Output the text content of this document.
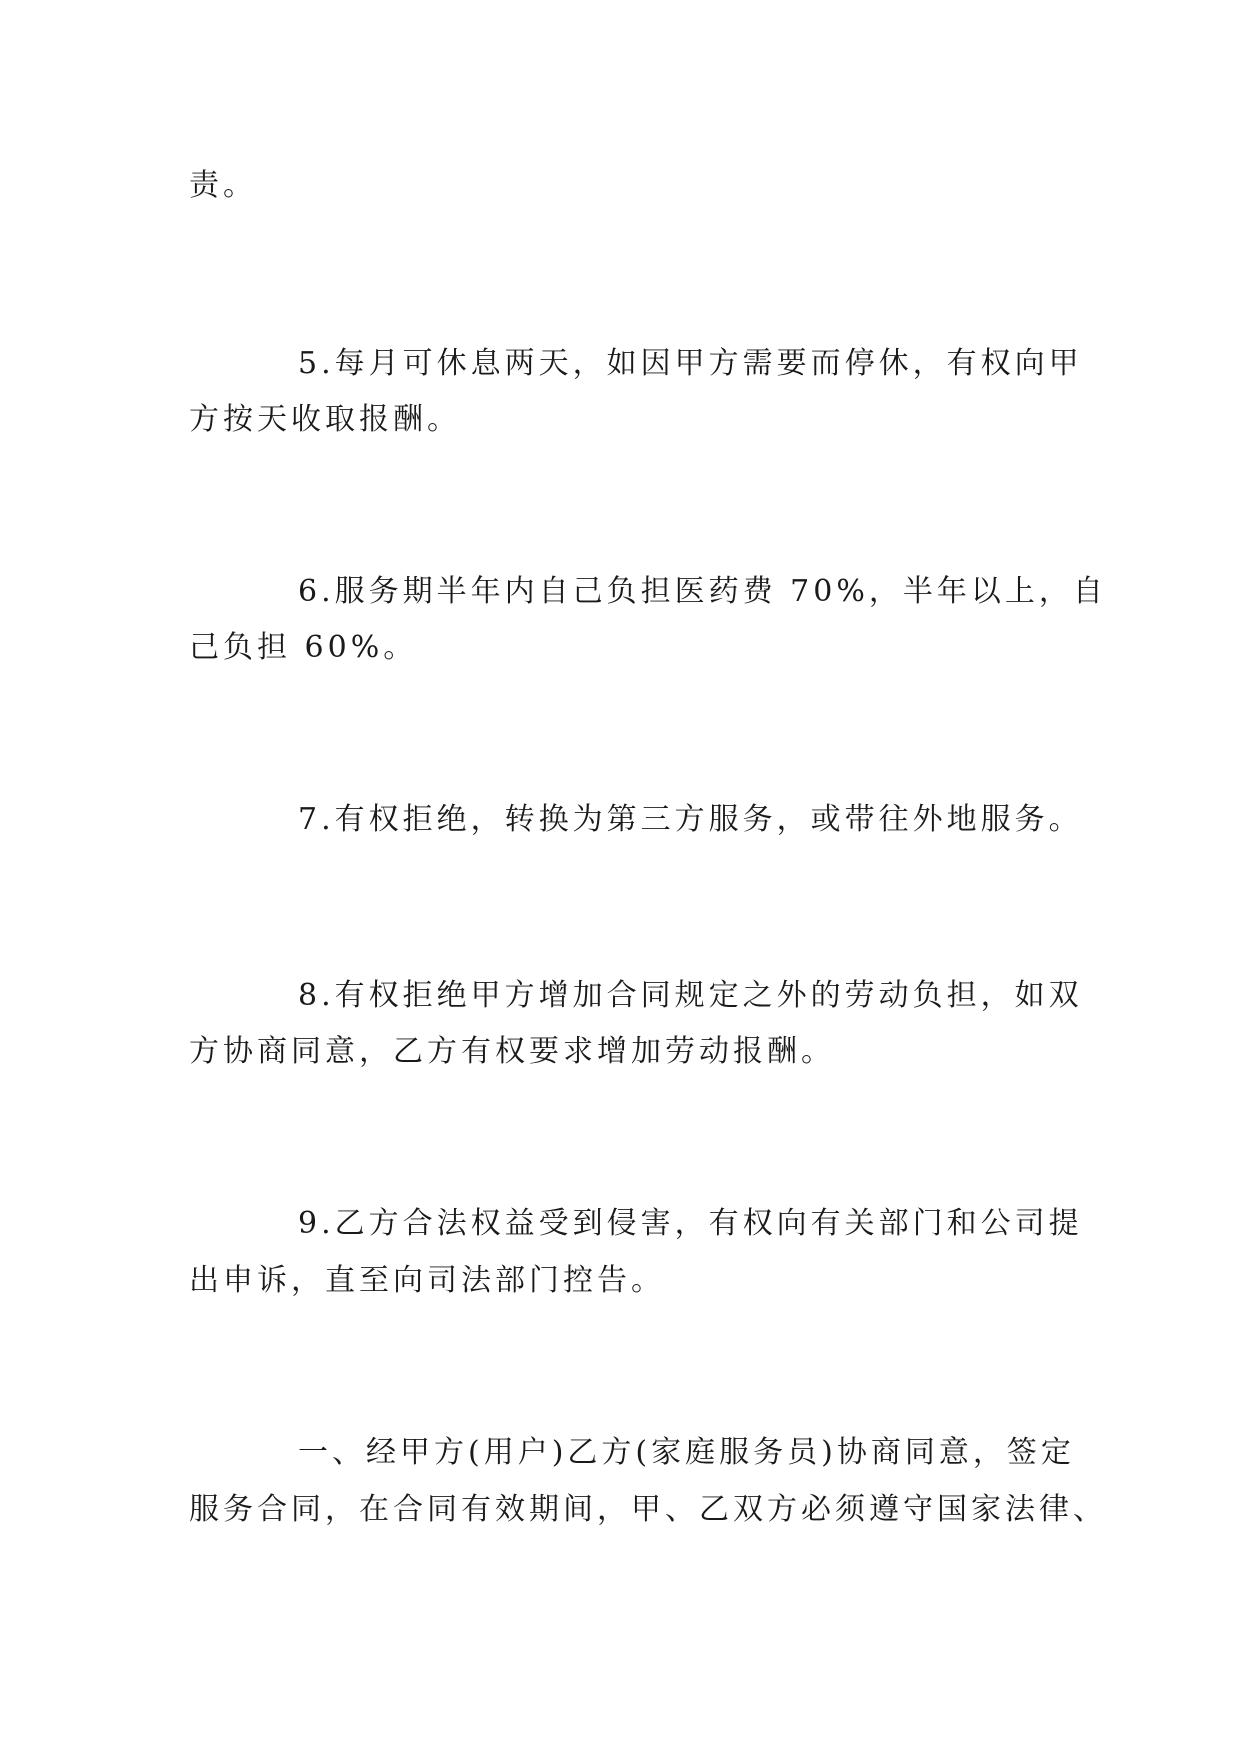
责。
5.每月可休息两天，如因甲方需要而停休，有权向甲
方按天收取报酬。
6.服务期半年内自己负担医药费 70%，半年以上，自
己负担 60%。
7.有权拒绝，转换为第三方服务，或带往外地服务。
8.有权拒绝甲方增加合同规定之外的劳动负担，如双
方协商同意，乙方有权要求增加劳动报酬。
9.乙方合法权益受到侵害，有权向有关部门和公司提
出申诉，直至向司法部门控告。
一、经甲方(用户)乙方(家庭服务员)协商同意，签定
服务合同，在合同有效期间，甲、乙双方必须遵守国家法律、
